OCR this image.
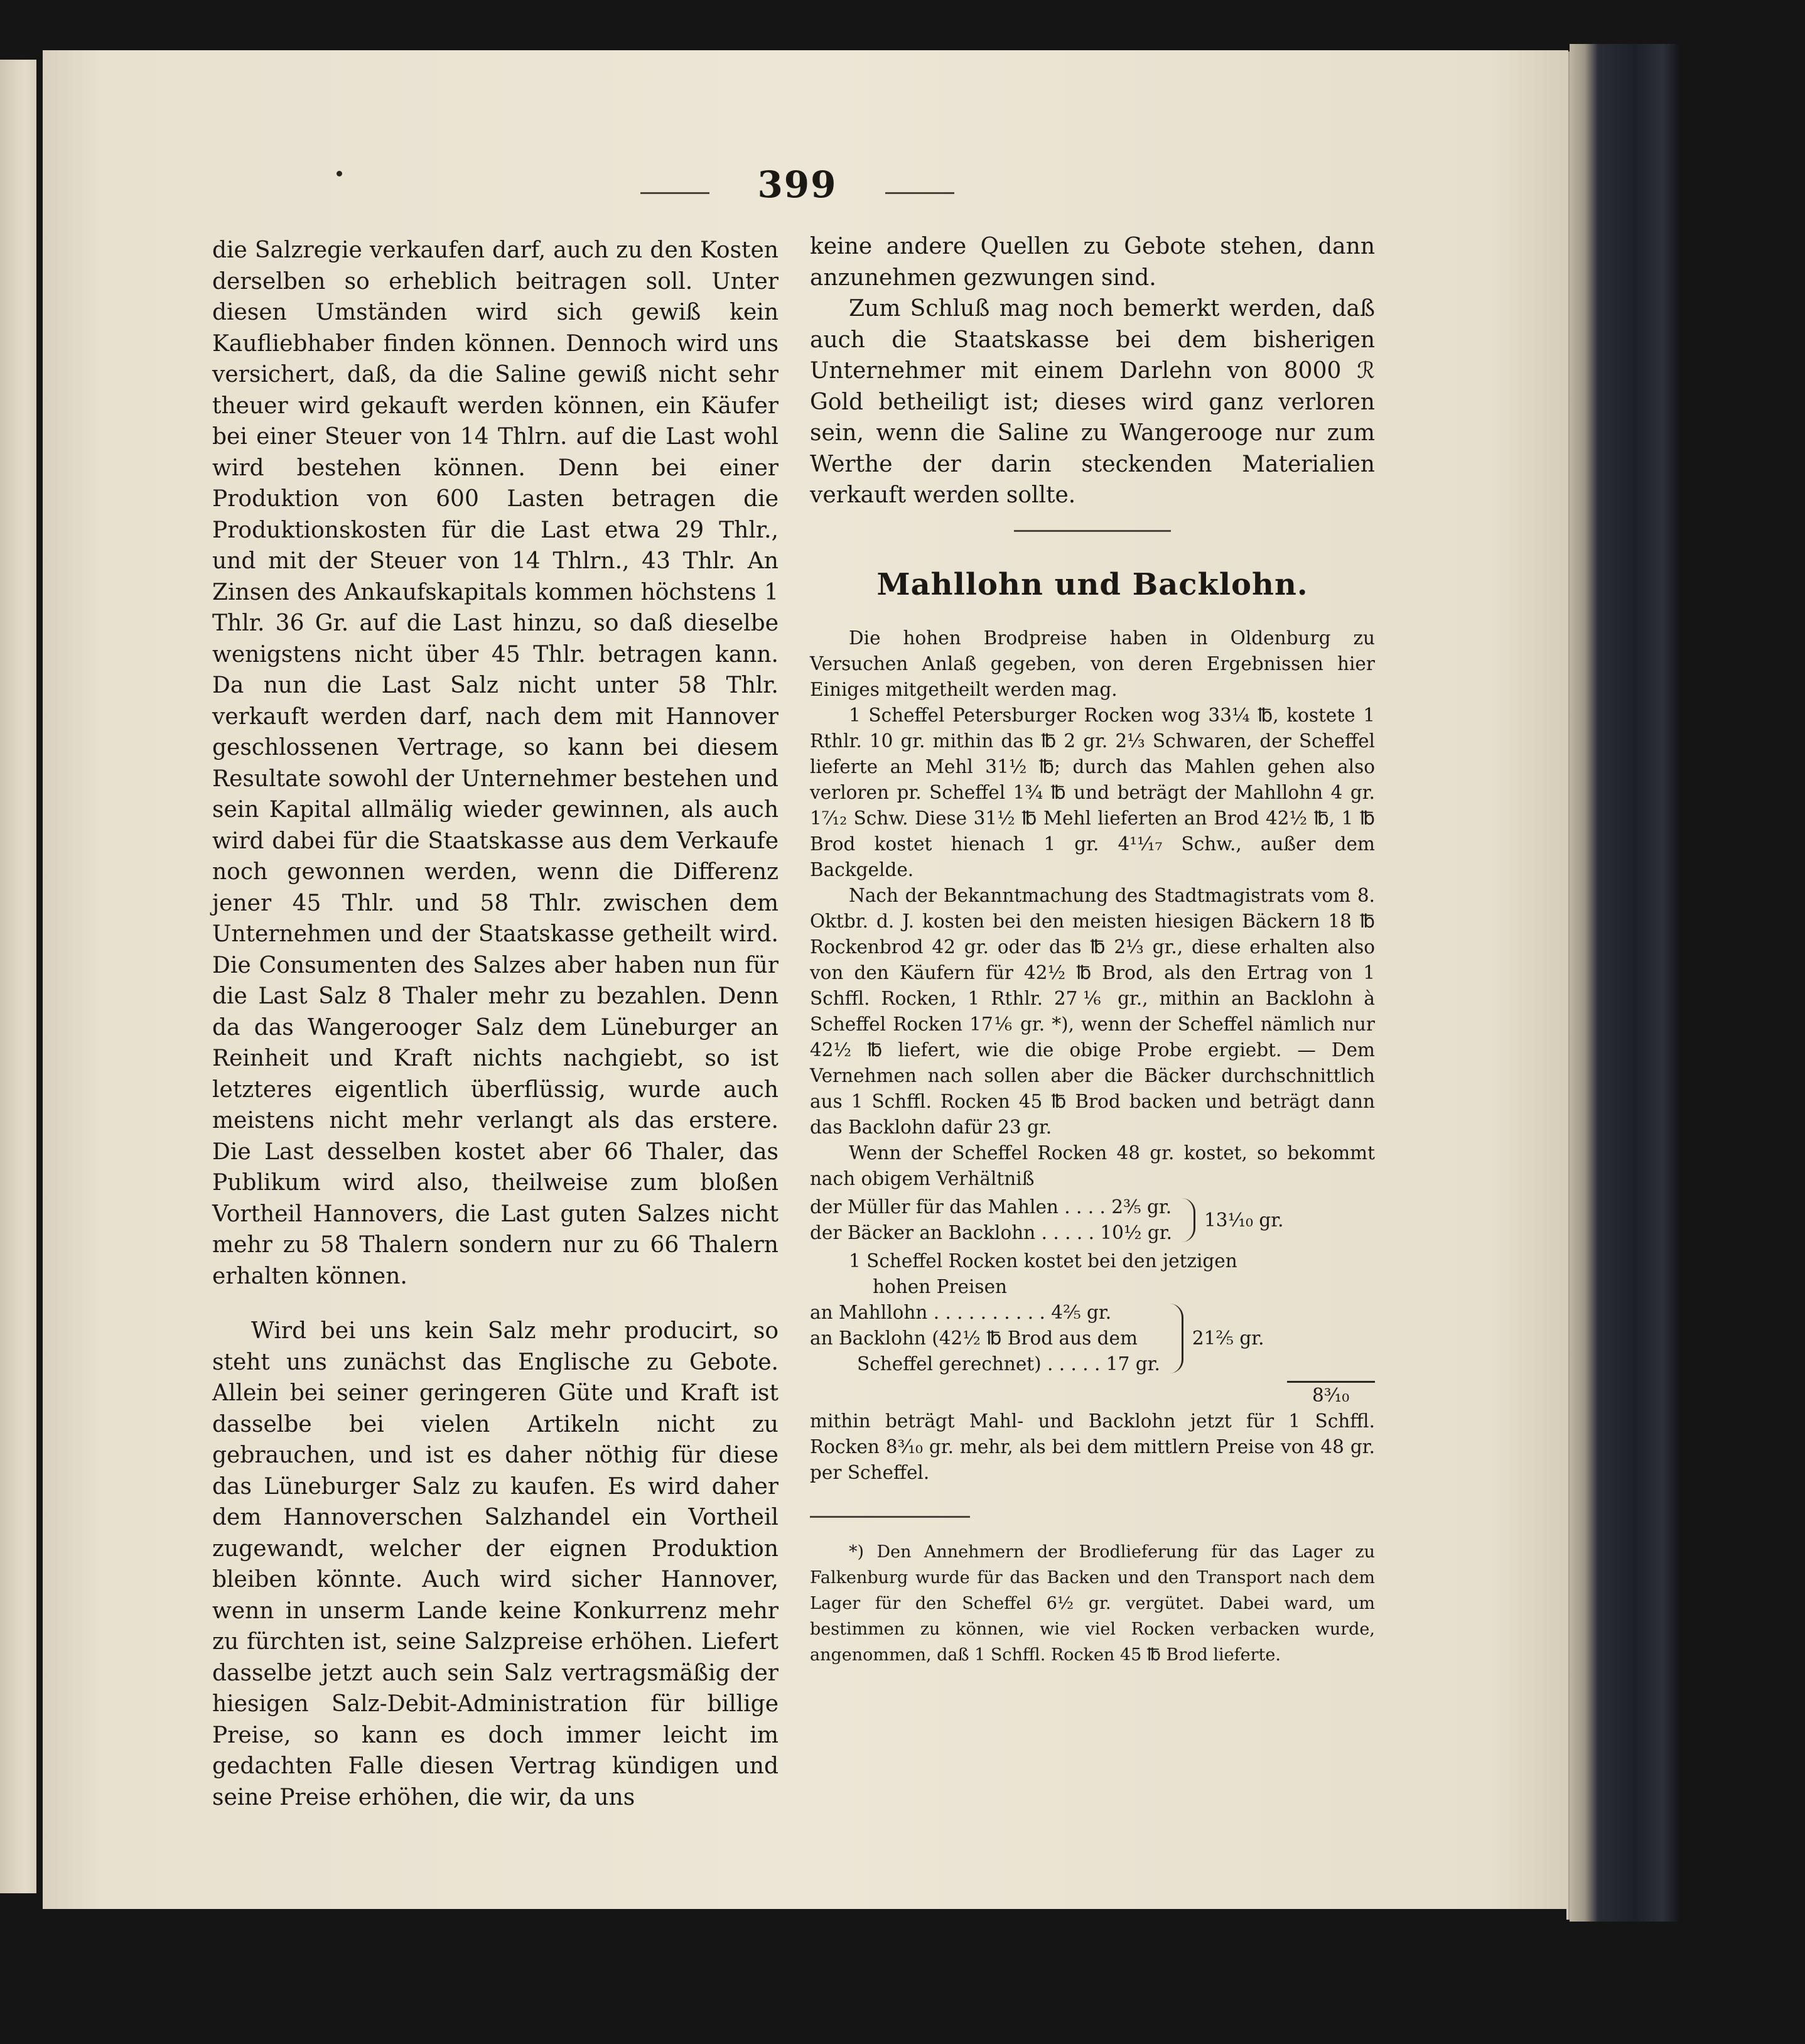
399

die Salzregie verkaufen darf, auch zu den Kosten derselben so erheblich beitragen soll. Unter diesen Umständen wird sich gewiß kein Kaufliebhaber finden können. Dennoch wird uns versichert, daß, da die Saline gewiß nicht sehr theuer wird gekauft werden können, ein Käufer bei einer Steuer von 14 Thlrn. auf die Last wohl wird bestehen können. Denn bei einer Produktion von 600 Lasten betragen die Produktionskosten für die Last etwa 29 Thlr., und mit der Steuer von 14 Thlrn., 43 Thlr. An Zinsen des Ankaufskapitals kommen höchstens 1 Thlr. 36 Gr. auf die Last hinzu, so daß dieselbe wenigstens nicht über 45 Thlr. betragen kann. Da nun die Last Salz nicht unter 58 Thlr. verkauft werden darf, nach dem mit Hannover geschlossenen Vertrage, so kann bei diesem Resultate sowohl der Unternehmer bestehen und sein Kapital allmälig wieder gewinnen, als auch wird dabei für die Staatskasse aus dem Verkaufe noch gewonnen werden, wenn die Differenz jener 45 Thlr. und 58 Thlr. zwischen dem Unternehmen und der Staatskasse getheilt wird. Die Consumenten des Salzes aber haben nun für die Last Salz 8 Thaler mehr zu bezahlen. Denn da das Wangerooger Salz dem Lüneburger an Reinheit und Kraft nichts nachgiebt, so ist letzteres eigentlich überflüssig, wurde auch meistens nicht mehr verlangt als das erstere. Die Last desselben kostet aber 66 Thaler, das Publikum wird also, theilweise zum bloßen Vortheil Hannovers, die Last guten Salzes nicht mehr zu 58 Thalern sondern nur zu 66 Thalern erhalten können.

Wird bei uns kein Salz mehr producirt, so steht uns zunächst das Englische zu Gebote. Allein bei seiner geringeren Güte und Kraft ist dasselbe bei vielen Artikeln nicht zu gebrauchen, und ist es daher nöthig für diese das Lüneburger Salz zu kaufen. Es wird daher dem Hannoverschen Salzhandel ein Vortheil zugewandt, welcher der eignen Produktion bleiben könnte. Auch wird sicher Hannover, wenn in unserm Lande keine Konkurrenz mehr zu fürchten ist, seine Salzpreise erhöhen. Liefert dasselbe jetzt auch sein Salz vertragsmäßig der hiesigen Salz-Debit-Administration für billige Preise, so kann es doch immer leicht im gedachten Falle diesen Vertrag kündigen und seine Preise erhöhen, die wir, da uns

keine andere Quellen zu Gebote stehen, dann anzunehmen gezwungen sind.

Zum Schluß mag noch bemerkt werden, daß auch die Staatskasse bei dem bisherigen Unternehmer mit einem Darlehn von 8000 ℛ Gold betheiligt ist; dieses wird ganz verloren sein, wenn die Saline zu Wangerooge nur zum Werthe der darin steckenden Materialien verkauft werden sollte.

Mahllohn und Backlohn.

Die hohen Brodpreise haben in Oldenburg zu Versuchen Anlaß gegeben, von deren Ergebnissen hier Einiges mitgetheilt werden mag.

1 Scheffel Petersburger Rocken wog 33¼ ℔, kostete 1 Rthlr. 10 gr. mithin das ℔ 2 gr. 2⅓ Schwaren, der Scheffel lieferte an Mehl 31½ ℔; durch das Mahlen gehen also verloren pr. Scheffel 1¾ ℔ und beträgt der Mahllohn 4 gr. 1⁷⁄₁₂ Schw. Diese 31½ ℔ Mehl lieferten an Brod 42½ ℔, 1 ℔ Brod kostet hienach 1 gr. 4¹¹⁄₁₇ Schw., außer dem Backgelde.

Nach der Bekanntmachung des Stadtmagistrats vom 8. Oktbr. d. J. kosten bei den meisten hiesigen Bäckern 18 ℔ Rockenbrod 42 gr. oder das ℔ 2⅓ gr., diese erhalten also von den Käufern für 42½ ℔ Brod, als den Ertrag von 1 Schffl. Rocken, 1 Rthlr. 27⅙ gr., mithin an Backlohn à Scheffel Rocken 17⅙ gr. *), wenn der Scheffel nämlich nur 42½ ℔ liefert, wie die obige Probe ergiebt. — Dem Vernehmen nach sollen aber die Bäcker durchschnittlich aus 1 Schffl. Rocken 45 ℔ Brod backen und beträgt dann das Backlohn dafür 23 gr.

Wenn der Scheffel Rocken 48 gr. kostet, so bekommt nach obigem Verhältniß

der Müller für das Mahlen . . . . 2⅗ gr.
der Bäcker an Backlohn . . . . . 10½ gr.
13¹⁄₁₀ gr.
1 Scheffel Rocken kostet bei den jetzigen
hohen Preisen
an Mahllohn . . . . . . . . . . 4⅖ gr.
an Backlohn (42½ ℔ Brod aus dem
Scheffel gerechnet) . . . . . 17 gr.
21⅖ gr.
8³⁄₁₀

mithin beträgt Mahl- und Backlohn jetzt für 1 Schffl. Rocken 8³⁄₁₀ gr. mehr, als bei dem mittlern Preise von 48 gr. per Scheffel.

*) Den Annehmern der Brodlieferung für das Lager zu Falkenburg wurde für das Backen und den Transport nach dem Lager für den Scheffel 6½ gr. vergütet. Dabei ward, um bestimmen zu können, wie viel Rocken verbacken wurde, angenommen, daß 1 Schffl. Rocken 45 ℔ Brod lieferte.
